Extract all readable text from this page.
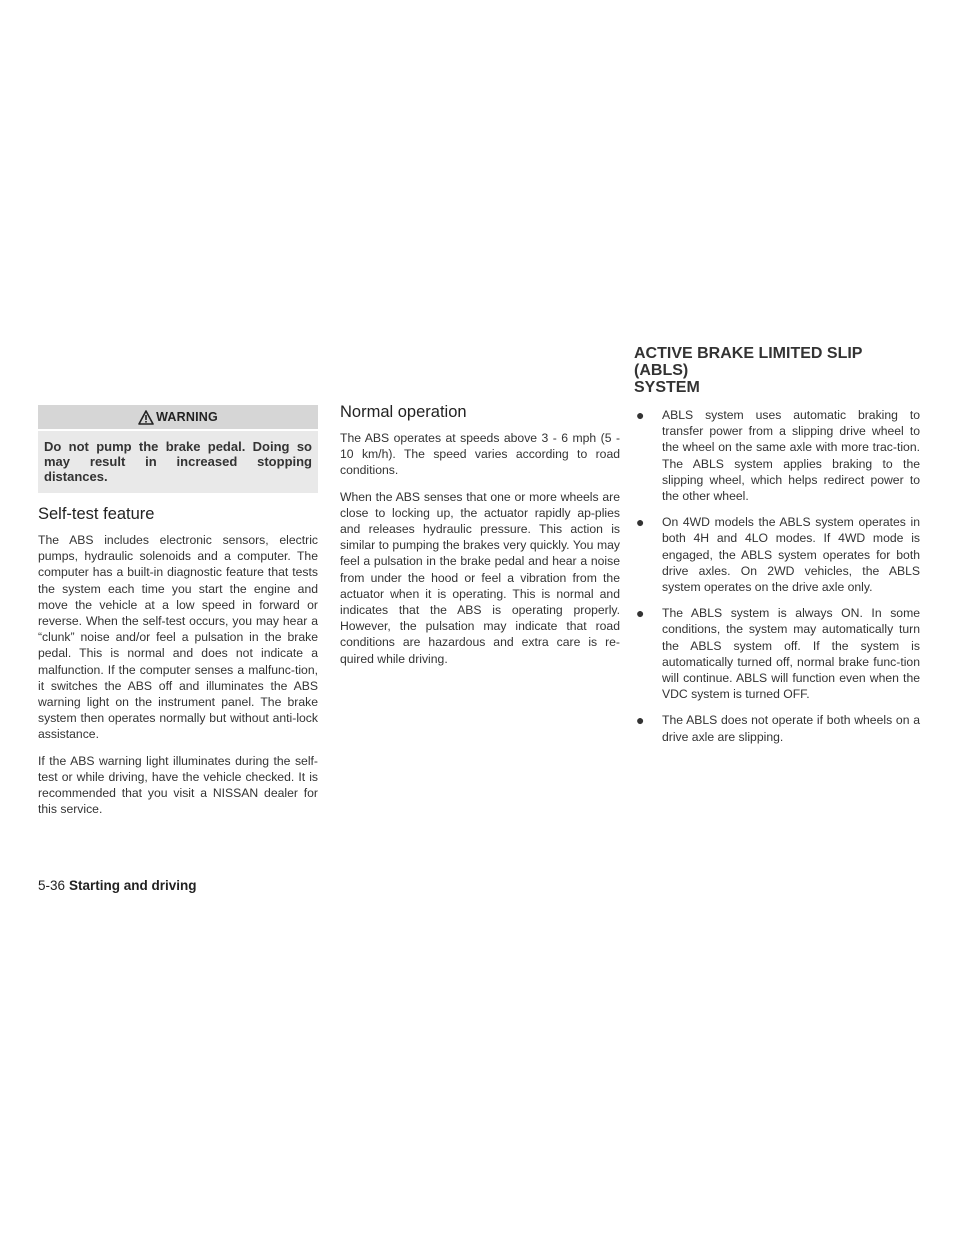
WARNING
Do not pump the brake pedal. Doing so may result in increased stopping distances.
Self-test feature

The ABS includes electronic sensors, electric pumps, hydraulic solenoids and a computer. The computer has a built-in diagnostic feature that tests the system each time you start the engine and move the vehicle at a low speed in forward or reverse. When the self-test occurs, you may hear a “clunk” noise and/or feel a pulsation in the brake pedal. This is normal and does not indicate a malfunction. If the computer senses a malfunc-tion, it switches the ABS off and illuminates the ABS warning light on the instrument panel. The brake system then operates normally but without anti-lock assistance.

If the ABS warning light illuminates during the self-test or while driving, have the vehicle checked. It is recommended that you visit a NISSAN dealer for this service.

Normal operation

The ABS operates at speeds above 3 - 6 mph (5 - 10 km/h). The speed varies according to road conditions.

When the ABS senses that one or more wheels are close to locking up, the actuator rapidly ap-plies and releases hydraulic pressure. This action is similar to pumping the brakes very quickly. You may feel a pulsation in the brake pedal and hear a noise from under the hood or feel a vibration from the actuator when it is operating. This is normal and indicates that the ABS is operating properly. However, the pulsation may indicate that road conditions are hazardous and extra care is re-quired while driving.

ACTIVE BRAKE LIMITED SLIP (ABLS)
SYSTEM
●	ABLS system uses automatic braking to transfer power from a slipping drive wheel to the wheel on the same axle with more trac-tion. The ABLS system applies braking to the slipping wheel, which helps redirect power to the other wheel.

●	On 4WD models the ABLS system operates in both 4H and 4LO modes. If 4WD mode is engaged, the ABLS system operates for both drive axles. On 2WD vehicles, the ABLS system operates on the drive axle only.

●	The ABLS system is always ON. In some conditions, the system may automatically turn the ABLS system off. If the system is automatically turned off, normal brake func-tion will continue. ABLS will function even when the VDC system is turned OFF.

●	The ABLS does not operate if both wheels on a drive axle are slipping.

5-36 Starting and driving
